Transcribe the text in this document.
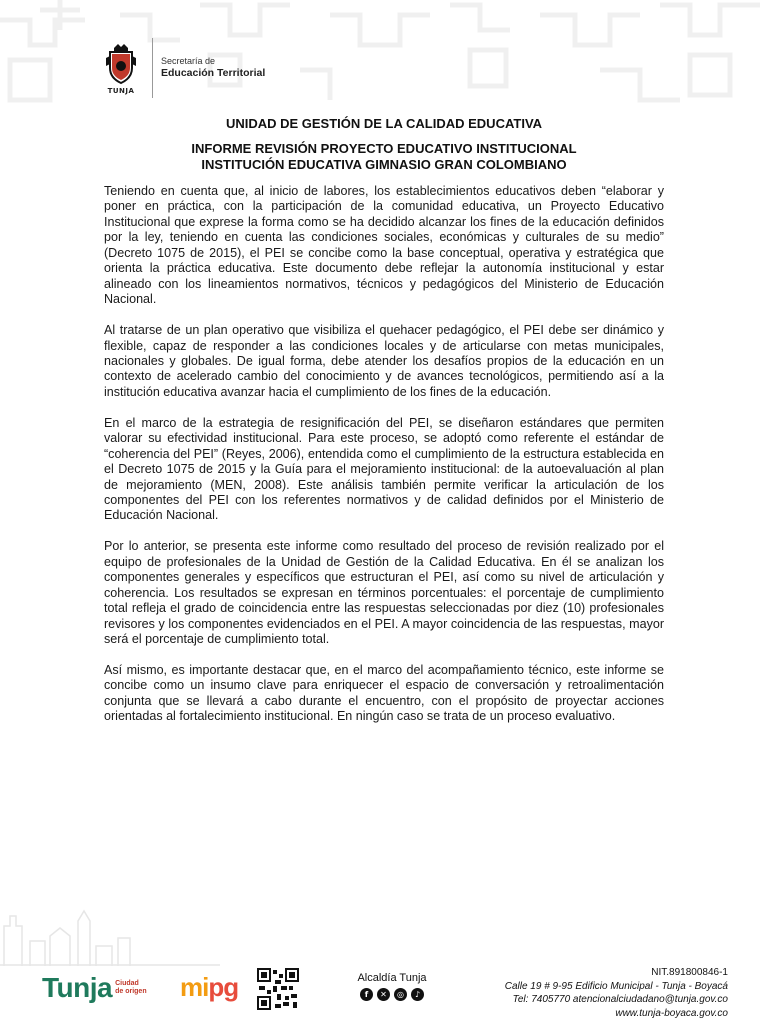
TUNJA
Secretaría de
Educación Territorial
UNIDAD DE GESTIÓN DE LA CALIDAD EDUCATIVA
INFORME REVISIÓN PROYECTO EDUCATIVO INSTITUCIONAL
INSTITUCIÓN EDUCATIVA GIMNASIO GRAN COLOMBIANO

Teniendo en cuenta que, al inicio de labores, los establecimientos educativos deben “elaborar y poner en práctica, con la participación de la comunidad educativa, un Proyecto Educativo Institucional que exprese la forma como se ha decidido alcanzar los fines de la educación definidos por la ley, teniendo en cuenta las condiciones sociales, económicas y culturales de su medio” (Decreto 1075 de 2015), el PEI se concibe como la base conceptual, operativa y estratégica que orienta la práctica educativa. Este documento debe reflejar la autonomía institucional y estar alineado con los lineamientos normativos, técnicos y pedagógicos del Ministerio de Educación Nacional.

Al tratarse de un plan operativo que visibiliza el quehacer pedagógico, el PEI debe ser dinámico y flexible, capaz de responder a las condiciones locales y de articularse con metas municipales, nacionales y globales. De igual forma, debe atender los desafíos propios de la educación en un contexto de acelerado cambio del conocimiento y de avances tecnológicos, permitiendo así a la institución educativa avanzar hacia el cumplimiento de los fines de la educación.

En el marco de la estrategia de resignificación del PEI, se diseñaron estándares que permiten valorar su efectividad institucional. Para este proceso, se adoptó como referente el estándar de “coherencia del PEI” (Reyes, 2006), entendida como el cumplimiento de la estructura establecida en el Decreto 1075 de 2015 y la Guía para el mejoramiento institucional: de la autoevaluación al plan de mejoramiento (MEN, 2008). Este análisis también permite verificar la articulación de los componentes del PEI con los referentes normativos y de calidad definidos por el Ministerio de Educación Nacional.

Por lo anterior, se presenta este informe como resultado del proceso de revisión realizado por el equipo de profesionales de la Unidad de Gestión de la Calidad Educativa. En él se analizan los componentes generales y específicos que estructuran el PEI, así como su nivel de articulación y coherencia. Los resultados se expresan en términos porcentuales: el porcentaje de cumplimiento total refleja el grado de coincidencia entre las respuestas seleccionadas por diez (10) profesionales revisores y los componentes evidenciados en el PEI. A mayor coincidencia de las respuestas, mayor será el porcentaje de cumplimiento total.

Así mismo, es importante destacar que, en el marco del acompañamiento técnico, este informe se concibe como un insumo clave para enriquecer el espacio de conversación y retroalimentación conjunta que se llevará a cabo durante el encuentro, con el propósito de proyectar acciones orientadas al fortalecimiento institucional. En ningún caso se trata de un proceso evaluativo.

Tunja Ciudad
de origen mipg	Alcaldía Tunja
f	✕	◎	♪
NIT.891800846-1
Calle 19 # 9-95 Edificio Municipal - Tunja - Boyacá
Tel: 7405770 atencionalciudadano@tunja.gov.co
www.tunja-boyaca.gov.co
